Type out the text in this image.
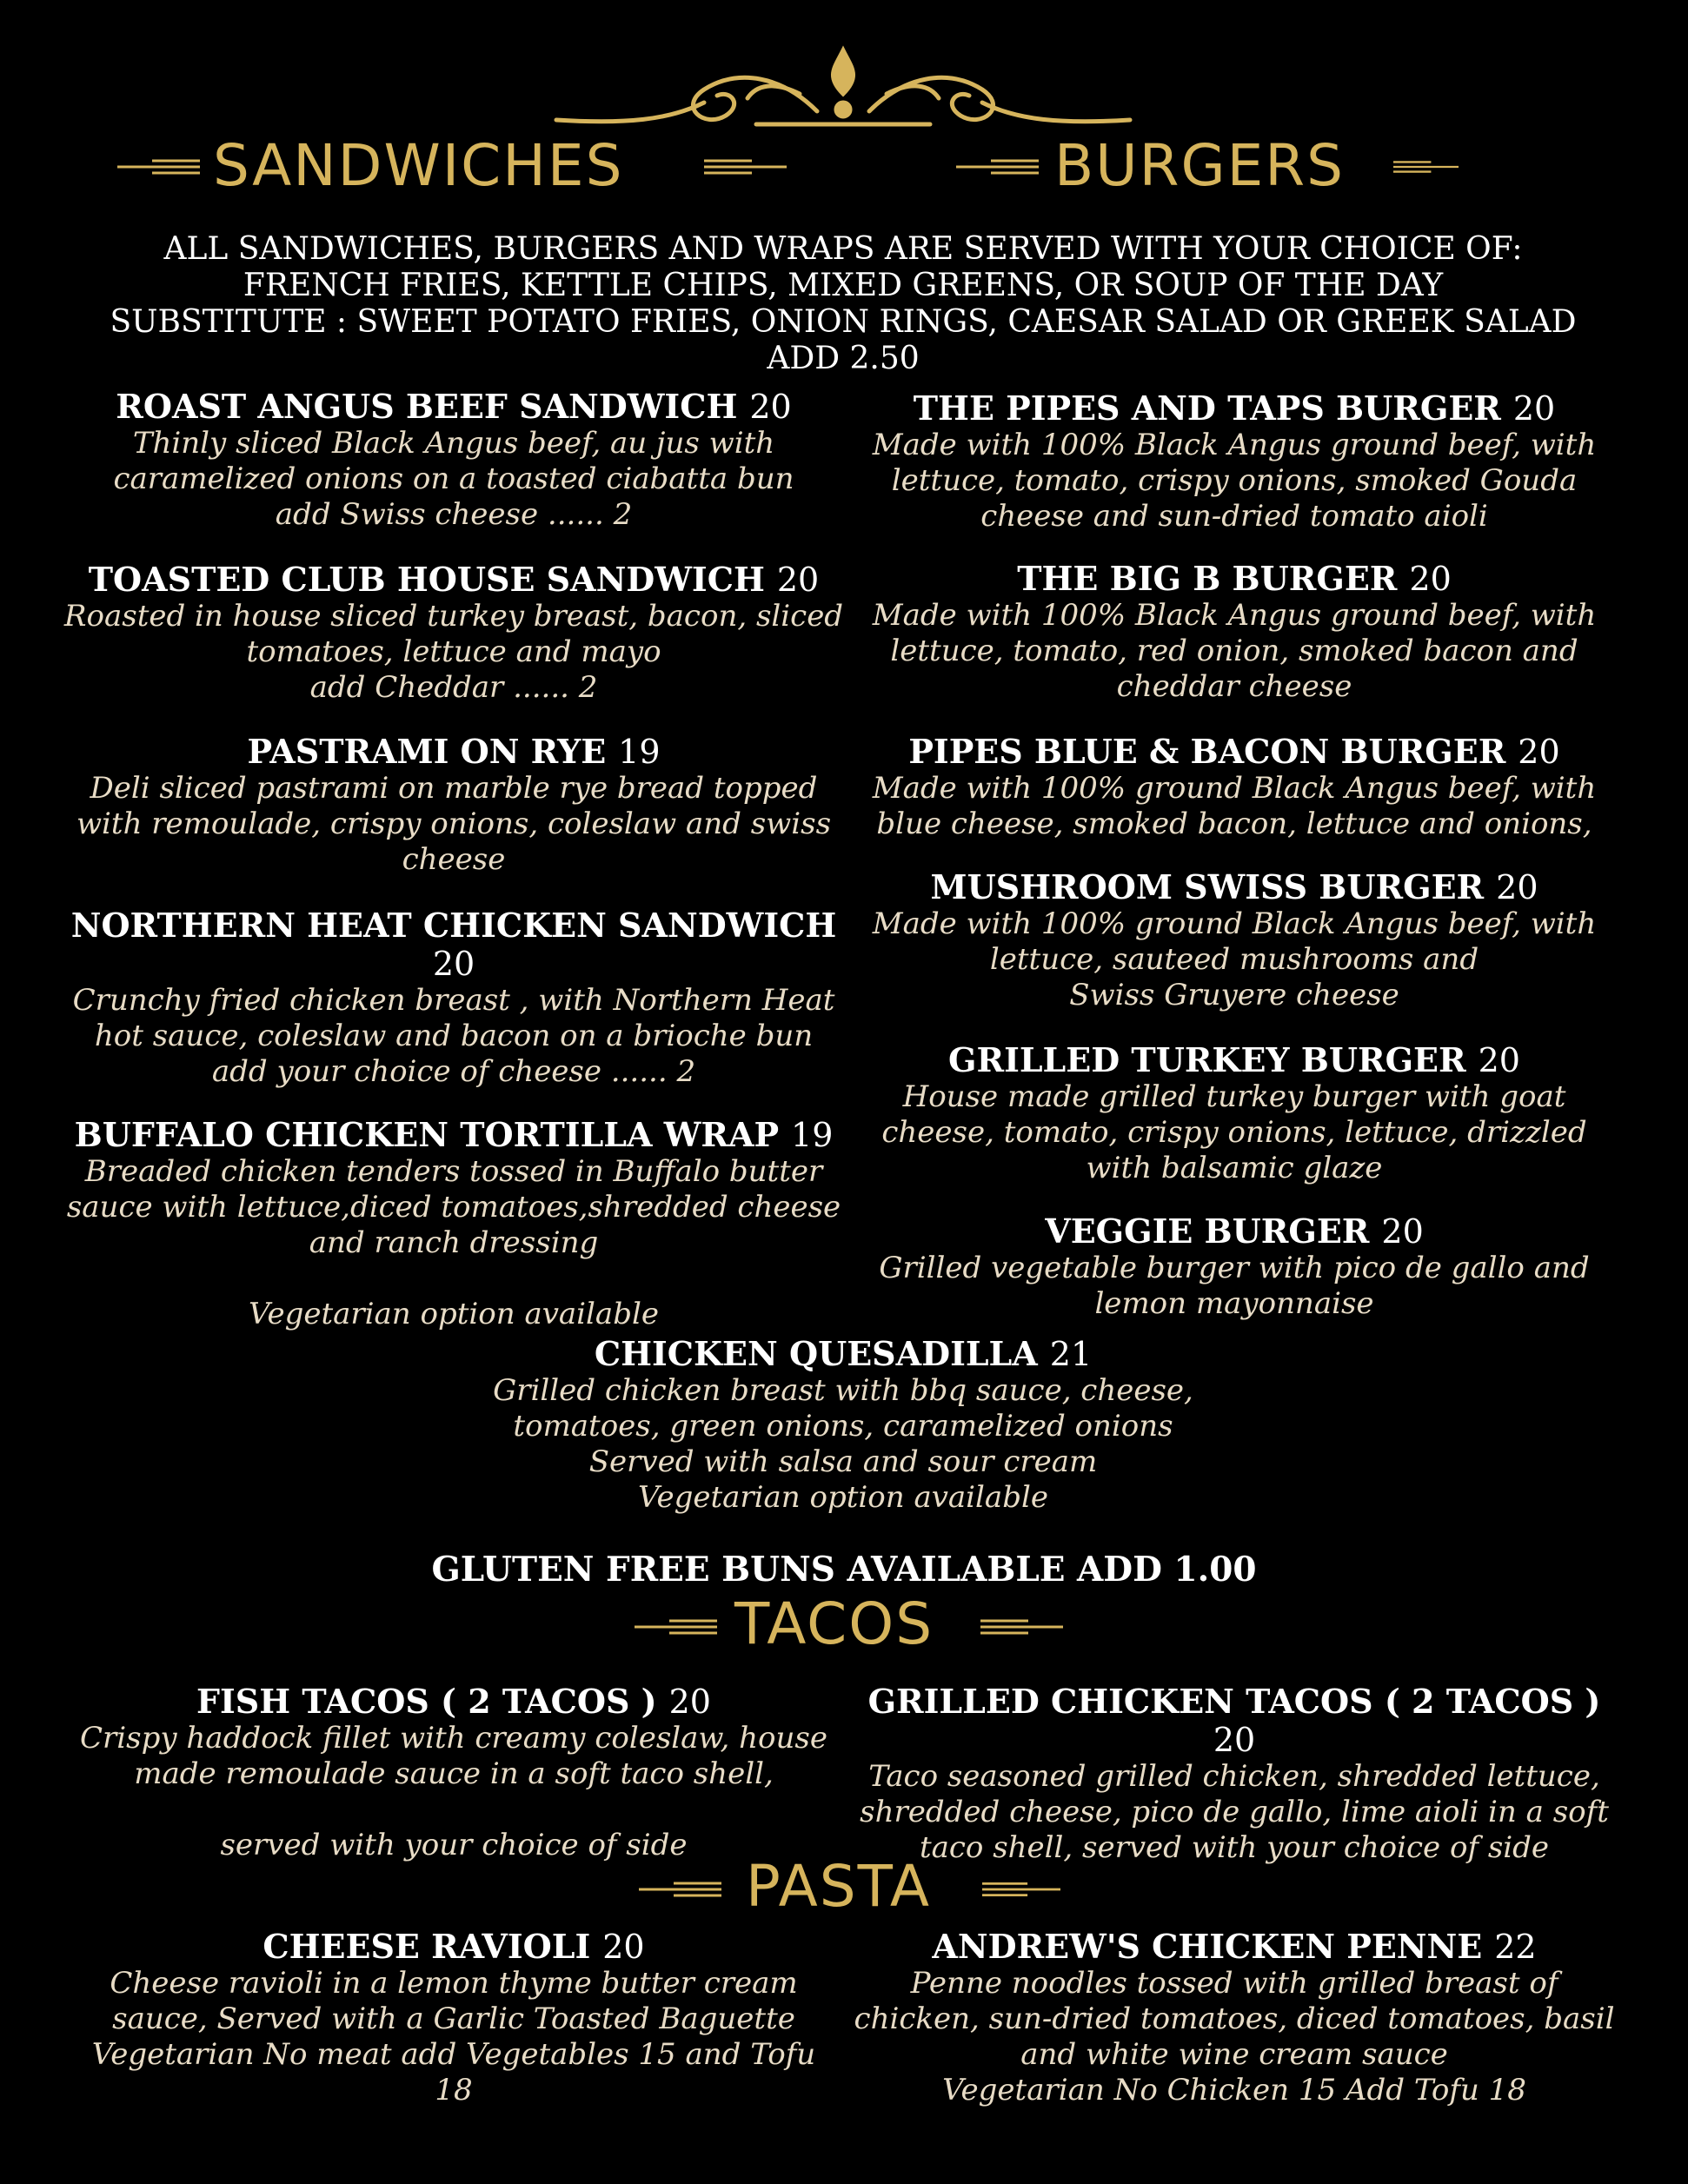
SANDWICHES	BURGERS
ALL SANDWICHES, BURGERS AND WRAPS ARE SERVED WITH YOUR CHOICE OF:
FRENCH FRIES, KETTLE CHIPS, MIXED GREENS, OR SOUP OF THE DAY
SUBSTITUTE : SWEET POTATO FRIES, ONION RINGS, CAESAR SALAD OR GREEK SALAD
ADD 2.50
ROAST ANGUS BEEF SANDWICH 20
Thinly sliced Black Angus beef, au jus with
caramelized onions on a toasted ciabatta bun
add Swiss cheese ...... 2
TOASTED CLUB HOUSE SANDWICH 20
Roasted in house sliced turkey breast, bacon, sliced
tomatoes, lettuce and mayo
add Cheddar ...... 2
PASTRAMI ON RYE 19
Deli sliced pastrami on marble rye bread topped
with remoulade, crispy onions, coleslaw and swiss
cheese
NORTHERN HEAT CHICKEN SANDWICH
20
Crunchy fried chicken breast , with Northern Heat
hot sauce, coleslaw and bacon on a brioche bun
add your choice of cheese ...... 2
BUFFALO CHICKEN TORTILLA WRAP 19
Breaded chicken tenders tossed in Buffalo butter
sauce with lettuce,diced tomatoes,shredded cheese
and ranch dressing
Vegetarian option available
THE PIPES AND TAPS BURGER 20
Made with 100% Black Angus ground beef, with
lettuce, tomato, crispy onions, smoked Gouda
cheese and sun-dried tomato aioli
THE BIG B BURGER 20
Made with 100% Black Angus ground beef, with
lettuce, tomato, red onion, smoked bacon and
cheddar cheese
PIPES BLUE & BACON BURGER 20
Made with 100% ground Black Angus beef, with
blue cheese, smoked bacon, lettuce and onions,
MUSHROOM SWISS BURGER 20
Made with 100% ground Black Angus beef, with
lettuce, sauteed mushrooms and
Swiss Gruyere cheese
GRILLED TURKEY BURGER 20
House made grilled turkey burger with goat
cheese, tomato, crispy onions, lettuce, drizzled
with balsamic glaze
VEGGIE BURGER 20
Grilled vegetable burger with pico de gallo and
lemon mayonnaise
CHICKEN QUESADILLA 21
Grilled chicken breast with bbq sauce, cheese,
tomatoes, green onions, caramelized onions
Served with salsa and sour cream
Vegetarian option available
GLUTEN FREE BUNS AVAILABLE ADD 1.00
TACOS
FISH TACOS ( 2 TACOS ) 20
Crispy haddock fillet with creamy coleslaw, house
made remoulade sauce in a soft taco shell,
served with your choice of side
GRILLED CHICKEN TACOS ( 2 TACOS )
20
Taco seasoned grilled chicken, shredded lettuce,
shredded cheese, pico de gallo, lime aioli in a soft
taco shell, served with your choice of side
PASTA
CHEESE RAVIOLI 20
Cheese ravioli in a lemon thyme butter cream
sauce, Served with a Garlic Toasted Baguette
Vegetarian No meat add Vegetables 15 and Tofu
18
ANDREW'S CHICKEN PENNE 22
Penne noodles tossed with grilled breast of
chicken, sun-dried tomatoes, diced tomatoes, basil
and white wine cream sauce
Vegetarian No Chicken 15 Add Tofu 18
